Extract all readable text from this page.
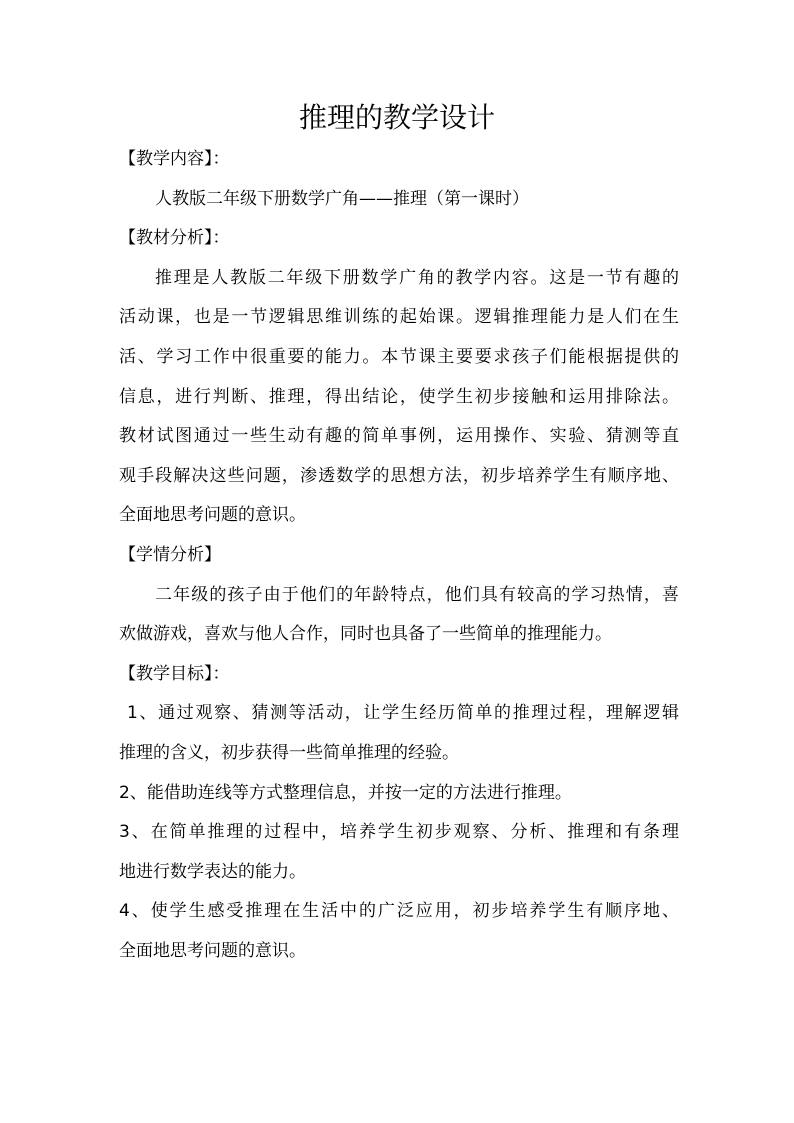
推理的教学设计
【教学内容】：
人教版二年级下册数学广角——推理（第一课时）
【教材分析】：
推理是人教版二年级下册数学广角的教学内容。这是一节有趣的
活动课，也是一节逻辑思维训练的起始课。逻辑推理能力是人们在生
活、学习工作中很重要的能力。本节课主要要求孩子们能根据提供的
信息，进行判断、推理，得出结论，使学生初步接触和运用排除法。
教材试图通过一些生动有趣的简单事例，运用操作、实验、猜测等直
观手段解决这些问题，渗透数学的思想方法，初步培养学生有顺序地、
全面地思考问题的意识。
【学情分析】
二年级的孩子由于他们的年龄特点，他们具有较高的学习热情，喜
欢做游戏，喜欢与他人合作，同时也具备了一些简单的推理能力。
【教学目标】：
1、通过观察、猜测等活动，让学生经历简单的推理过程，理解逻辑
推理的含义，初步获得一些简单推理的经验。
2、能借助连线等方式整理信息，并按一定的方法进行推理。
3、在简单推理的过程中，培养学生初步观察、分析、推理和有条理
地进行数学表达的能力。
4、使学生感受推理在生活中的广泛应用，初步培养学生有顺序地、
全面地思考问题的意识。
